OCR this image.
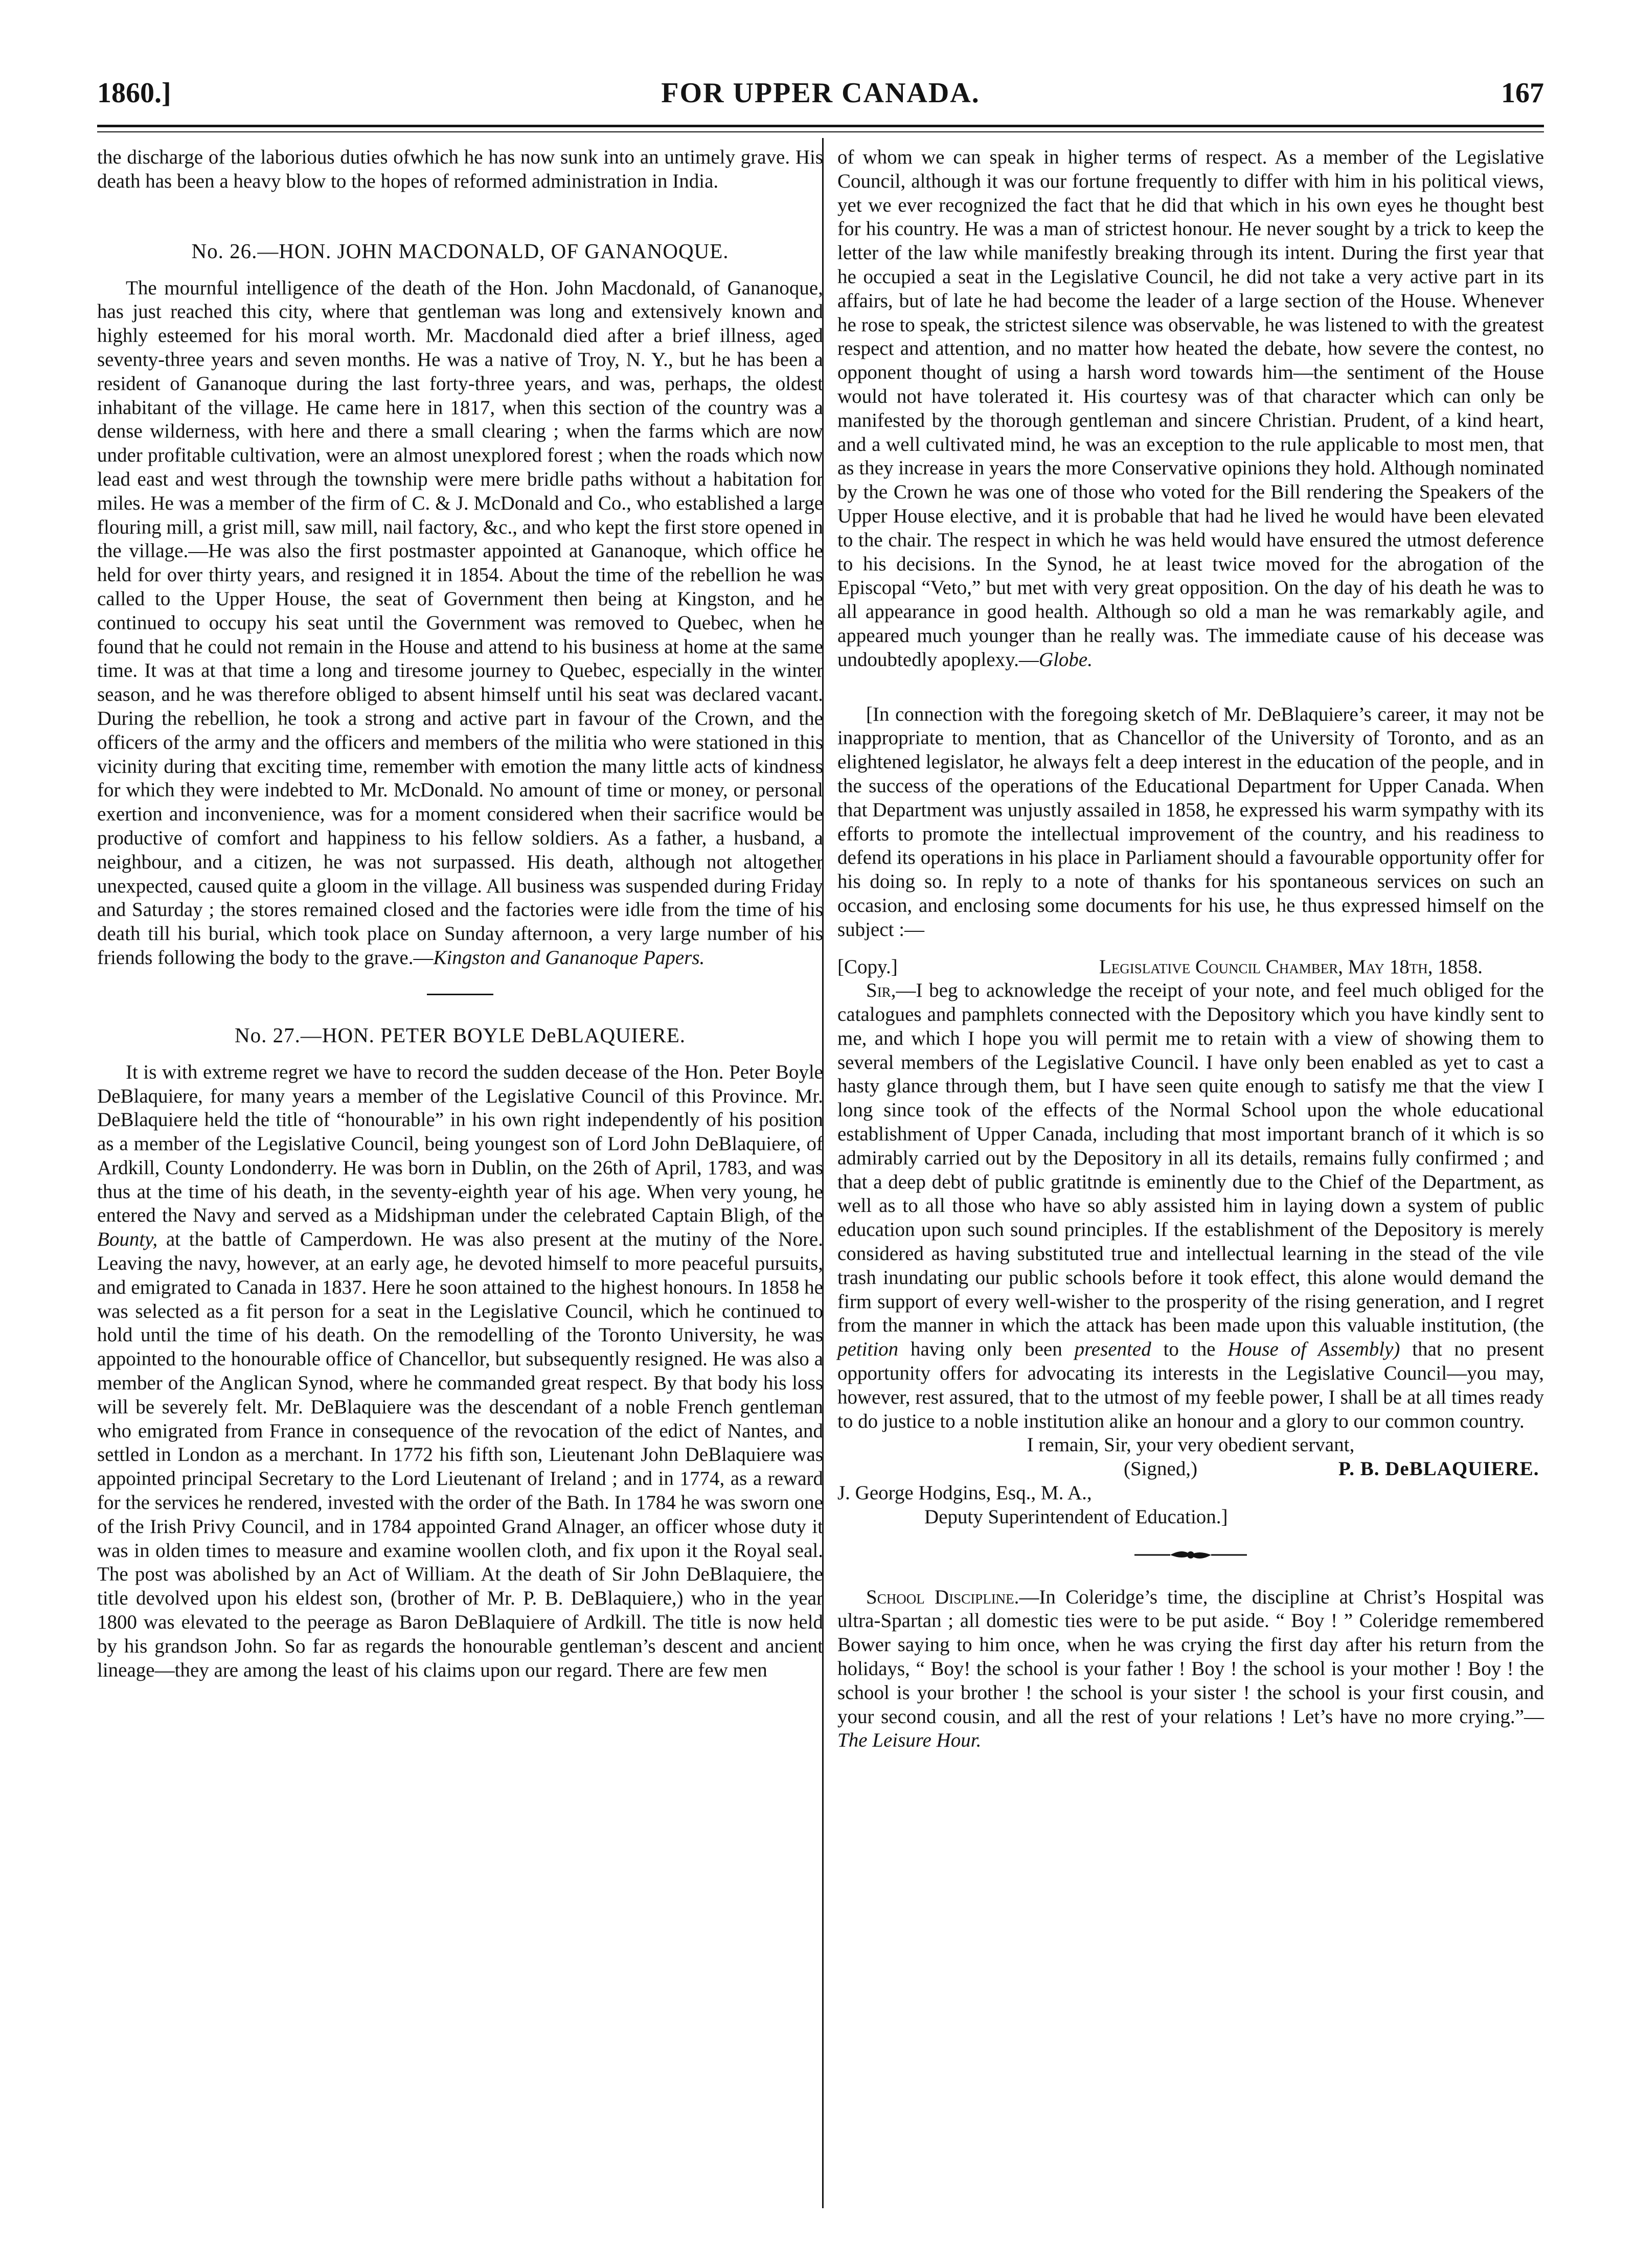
1860.]	FOR UPPER CANADA.	167

the discharge of the laborious duties ofwhich he has now sunk into an untimely grave. His death has been a heavy blow to the hopes of reformed administration in India.

No. 26.—HON. JOHN MACDONALD, OF GANANOQUE.

The mournful intelligence of the death of the Hon. John Macdonald, of Gananoque, has just reached this city, where that gentleman was long and extensively known and highly esteemed for his moral worth. Mr. Macdonald died after a brief illness, aged seventy-three years and seven months. He was a native of Troy, N. Y., but he has been a resident of Gananoque during the last forty-three years, and was, perhaps, the oldest inhabitant of the village. He came here in 1817, when this section of the country was a dense wilderness, with here and there a small clearing ; when the farms which are now under profitable cultivation, were an almost unexplored forest ; when the roads which now lead east and west through the township were mere bridle paths without a habitation for miles. He was a member of the firm of C. & J. McDonald and Co., who established a large flouring mill, a grist mill, saw mill, nail factory, &c., and who kept the first store opened in the village.—He was also the first postmaster appointed at Gananoque, which office he held for over thirty years, and resigned it in 1854. About the time of the rebellion he was called to the Upper House, the seat of Government then being at Kingston, and he continued to occupy his seat until the Government was removed to Quebec, when he found that he could not remain in the House and attend to his business at home at the same time. It was at that time a long and tiresome journey to Quebec, especially in the winter season, and he was therefore obliged to absent himself until his seat was declared vacant. During the rebellion, he took a strong and active part in favour of the Crown, and the officers of the army and the officers and members of the militia who were stationed in this vicinity during that exciting time, remember with emotion the many little acts of kindness for which they were indebted to Mr. McDonald. No amount of time or money, or personal exertion and inconvenience, was for a moment considered when their sacrifice would be productive of comfort and happiness to his fellow soldiers. As a father, a husband, a neighbour, and a citizen, he was not surpassed. His death, although not altogether unexpected, caused quite a gloom in the village. All business was suspended during Friday and Saturday ; the stores remained closed and the factories were idle from the time of his death till his burial, which took place on Sunday afternoon, a very large number of his friends following the body to the grave.—Kingston and Gananoque Papers.

No. 27.—HON. PETER BOYLE DeBLAQUIERE.

It is with extreme regret we have to record the sudden decease of the Hon. Peter Boyle DeBlaquiere, for many years a member of the Legislative Council of this Province. Mr. DeBlaquiere held the title of “honourable” in his own right independently of his position as a member of the Legislative Council, being youngest son of Lord John DeBlaquiere, of Ardkill, County Londonderry. He was born in Dublin, on the 26th of April, 1783, and was thus at the time of his death, in the seventy-eighth year of his age. When very young, he entered the Navy and served as a Midshipman under the celebrated Captain Bligh, of the Bounty, at the battle of Camperdown. He was also present at the mutiny of the Nore. Leaving the navy, however, at an early age, he devoted himself to more peaceful pursuits, and emigrated to Canada in 1837. Here he soon attained to the highest honours. In 1858 he was selected as a fit person for a seat in the Legislative Council, which he continued to hold until the time of his death. On the remodelling of the Toronto University, he was appointed to the honourable office of Chancellor, but subsequently resigned. He was also a member of the Anglican Synod, where he commanded great respect. By that body his loss will be severely felt. Mr. DeBlaquiere was the descendant of a noble French gentleman who emigrated from France in consequence of the revocation of the edict of Nantes, and settled in London as a merchant. In 1772 his fifth son, Lieutenant John DeBlaquiere was appointed principal Secretary to the Lord Lieutenant of Ireland ; and in 1774, as a reward for the services he rendered, invested with the order of the Bath. In 1784 he was sworn one of the Irish Privy Council, and in 1784 appointed Grand Alnager, an officer whose duty it was in olden times to measure and examine woollen cloth, and fix upon it the Royal seal. The post was abolished by an Act of William. At the death of Sir John DeBlaquiere, the title devolved upon his eldest son, (brother of Mr. P. B. DeBlaquiere,) who in the year 1800 was elevated to the peerage as Baron DeBlaquiere of Ardkill. The title is now held by his grandson John. So far as regards the honourable gentleman’s descent and ancient lineage—they are among the least of his claims upon our regard. There are few men

of whom we can speak in higher terms of respect. As a member of the Legislative Council, although it was our fortune frequently to differ with him in his political views, yet we ever recognized the fact that he did that which in his own eyes he thought best for his country. He was a man of strictest honour. He never sought by a trick to keep the letter of the law while manifestly breaking through its intent. During the first year that he occupied a seat in the Legislative Council, he did not take a very active part in its affairs, but of late he had become the leader of a large section of the House. Whenever he rose to speak, the strictest silence was observable, he was listened to with the greatest respect and attention, and no matter how heated the debate, how severe the contest, no opponent thought of using a harsh word towards him—the sentiment of the House would not have tolerated it. His courtesy was of that character which can only be manifested by the thorough gentleman and sincere Christian. Prudent, of a kind heart, and a well cultivated mind, he was an exception to the rule applicable to most men, that as they increase in years the more Conservative opinions they hold. Although nominated by the Crown he was one of those who voted for the Bill rendering the Speakers of the Upper House elective, and it is probable that had he lived he would have been elevated to the chair. The respect in which he was held would have ensured the utmost deference to his decisions. In the Synod, he at least twice moved for the abrogation of the Episcopal “Veto,” but met with very great opposition. On the day of his death he was to all appearance in good health. Although so old a man he was remarkably agile, and appeared much younger than he really was. The immediate cause of his decease was undoubtedly apoplexy.—Globe.

[In connection with the foregoing sketch of Mr. DeBlaquiere’s career, it may not be inappropriate to mention, that as Chancellor of the University of Toronto, and as an elightened legislator, he always felt a deep interest in the education of the people, and in the success of the operations of the Educational Department for Upper Canada. When that Department was unjustly assailed in 1858, he expressed his warm sympathy with its efforts to promote the intellectual improvement of the country, and his readiness to defend its operations in his place in Parliament should a favourable opportunity offer for his doing so. In reply to a note of thanks for his spontaneous services on such an occasion, and enclosing some documents for his use, he thus expressed himself on the subject :—

[Copy.]	Legislative Council Chamber, May 18th, 1858.

Sir,—I beg to acknowledge the receipt of your note, and feel much obliged for the catalogues and pamphlets connected with the Depository which you have kindly sent to me, and which I hope you will permit me to retain with a view of showing them to several members of the Legislative Council. I have only been enabled as yet to cast a hasty glance through them, but I have seen quite enough to satisfy me that the view I long since took of the effects of the Normal School upon the whole educational establishment of Upper Canada, including that most important branch of it which is so admirably carried out by the Depository in all its details, remains fully confirmed ; and that a deep debt of public gratitnde is eminently due to the Chief of the Department, as well as to all those who have so ably assisted him in laying down a system of public education upon such sound principles. If the establishment of the Depository is merely considered as having substituted true and intellectual learning in the stead of the vile trash inundating our public schools before it took effect, this alone would demand the firm support of every well-wisher to the prosperity of the rising generation, and I regret from the manner in which the attack has been made upon this valuable institution, (the petition having only been presented to the House of Assembly) that no present opportunity offers for advocating its interests in the Legislative Council—you may, however, rest assured, that to the utmost of my feeble power, I shall be at all times ready to do justice to a noble institution alike an honour and a glory to our common country.

I remain, Sir, your very obedient servant,

(Signed,)	P. B. DeBLAQUIERE.

J. George Hodgins, Esq., M. A.,

Deputy Superintendent of Education.]

School Discipline.—In Coleridge’s time, the discipline at Christ’s Hospital was ultra-Spartan ; all domestic ties were to be put aside. “ Boy ! ” Coleridge remembered Bower saying to him once, when he was crying the first day after his return from the holidays, “ Boy! the school is your father ! Boy ! the school is your mother ! Boy ! the school is your brother ! the school is your sister ! the school is your first cousin, and your second cousin, and all the rest of your relations ! Let’s have no more crying.”—The Leisure Hour.
